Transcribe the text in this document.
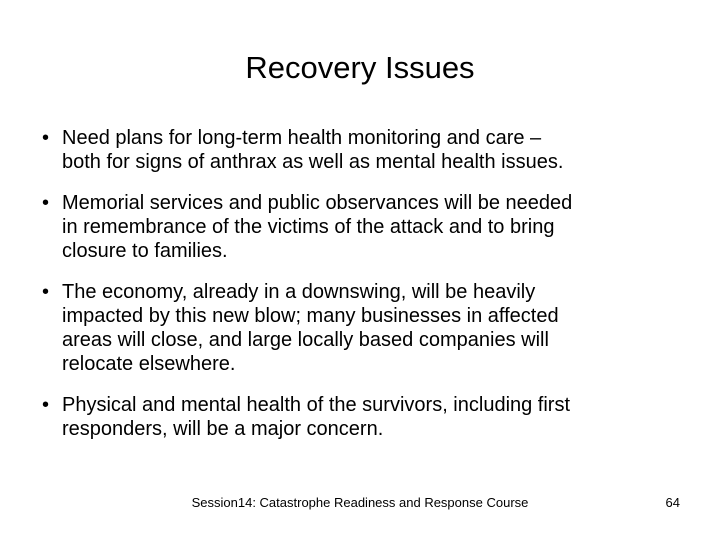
Recovery Issues
• Need plans for long-term health monitoring and care –
both for signs of anthrax as well as mental health issues.
• Memorial services and public observances will be needed
in remembrance of the victims of the attack and to bring
closure to families.
• The economy, already in a downswing, will be heavily
impacted by this new blow; many businesses in affected
areas will close, and large locally based companies will
relocate elsewhere.
• Physical and mental health of the survivors, including first
responders, will be a major concern.
Session14: Catastrophe Readiness and Response Course	64
